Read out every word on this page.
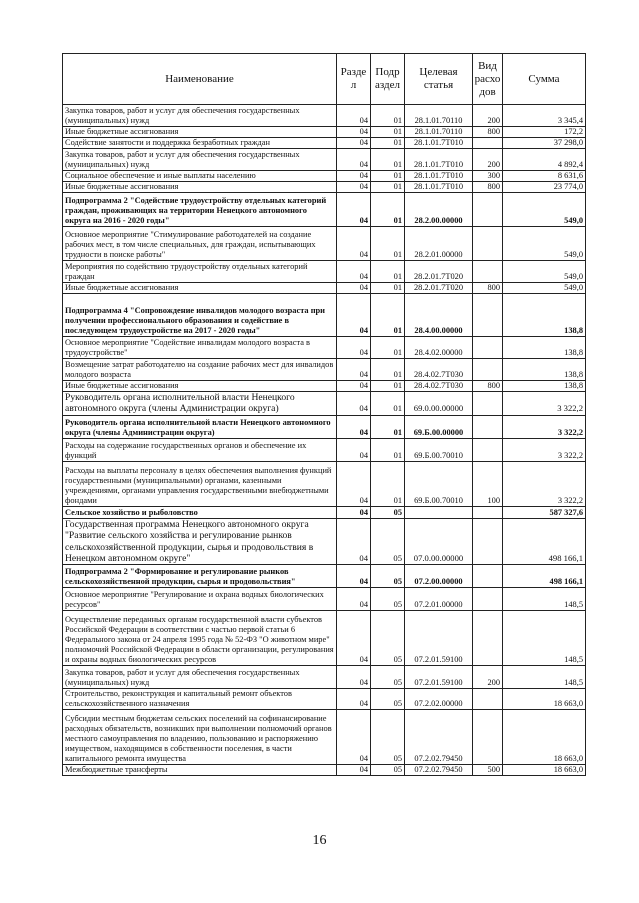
Наименование	Разде л	Подр аздел	Целевая статья	Вид расхо дов	Сумма
Закупка товаров, работ и услуг для обеспечения государственных (муниципальных) нужд	04	01	28.1.01.70110	200	3 345,4
Иные бюджетные ассигнования	04	01	28.1.01.70110	800	172,2
Содействие занятости и поддержка безработных граждан	04	01	28.1.01.7Т010		37 298,0
Закупка товаров, работ и услуг для обеспечения государственных (муниципальных) нужд	04	01	28.1.01.7Т010	200	4 892,4
Социальное обеспечение и иные выплаты населению	04	01	28.1.01.7Т010	300	8 631,6
Иные бюджетные ассигнования	04	01	28.1.01.7Т010	800	23 774,0
Подпрограмма 2 "Содействие трудоустройству отдельных категорий граждан, проживающих на территории Ненецкого автономного округа на 2016 - 2020 годы"	04	01	28.2.00.00000		549,0
Основное мероприятие "Стимулирование работодателей на создание рабочих мест, в том числе специальных, для граждан, испытывающих трудности в поиске работы"	04	01	28.2.01.00000		549,0
Мероприятия по содействию трудоустройству отдельных категорий граждан	04	01	28.2.01.7Т020		549,0
Иные бюджетные ассигнования	04	01	28.2.01.7Т020	800	549,0
Подпрограмма 4 "Сопровождение инвалидов молодого возраста при получении профессионального образования и содействие в последующем трудоустройстве на 2017 - 2020 годы"	04	01	28.4.00.00000		138,8
Основное мероприятие "Содействие инвалидам молодого возраста в трудоустройстве"	04	01	28.4.02.00000		138,8
Возмещение затрат работодателю на создание рабочих мест для инвалидов молодого возраста	04	01	28.4.02.7Т030		138,8
Иные бюджетные ассигнования	04	01	28.4.02.7Т030	800	138,8
Руководитель органа исполнительной власти Ненецкого автономного округа (члены Администрации округа)	04	01	69.0.00.00000		3 322,2
Руководитель органа исполнительной власти Ненецкого автономного округа (члены Администрации округа)	04	01	69.Б.00.00000		3 322,2
Расходы на содержание государственных органов и обеспечение их функций	04	01	69.Б.00.70010		3 322,2
Расходы на выплаты персоналу в целях обеспечения выполнения функций государственными (муниципальными) органами, казенными учреждениями, органами управления государственными внебюджетными фондами	04	01	69.Б.00.70010	100	3 322,2
Сельское хозяйство и рыболовство	04	05			587 327,6
Государственная программа Ненецкого автономного округа "Развитие сельского хозяйства и регулирование рынков сельскохозяйственной продукции, сырья и продовольствия в Ненецком автономном округе"	04	05	07.0.00.00000		498 166,1
Подпрограмма 2 "Формирование и регулирование рынков сельскохозяйственной продукции, сырья и продовольствия"	04	05	07.2.00.00000		498 166,1
Основное мероприятие "Регулирование и охрана водных биологических ресурсов"	04	05	07.2.01.00000		148,5
Осуществление переданных органам государственной власти субъектов Российской Федерации в соответствии с частью первой статьи 6 Федерального закона от 24 апреля 1995 года № 52-ФЗ "О животном мире" полномочий Российской Федерации в области организации, регулирования и охраны водных биологических ресурсов	04	05	07.2.01.59100		148,5
Закупка товаров, работ и услуг для обеспечения государственных (муниципальных) нужд	04	05	07.2.01.59100	200	148,5
Строительство, реконструкция и капитальный ремонт объектов сельскохозяйственного назначения	04	05	07.2.02.00000		18 663,0
Субсидии местным бюджетам сельских поселений на софинансирование расходных обязательств, возникших при выполнении полномочий органов местного самоуправления по владению, пользованию и распоряжению имуществом, находящимся в собственности поселения, в части капитального ремонта имущества	04	05	07.2.02.79450		18 663,0
Межбюджетные трансферты	04	05	07.2.02.79450	500	18 663,0
16
